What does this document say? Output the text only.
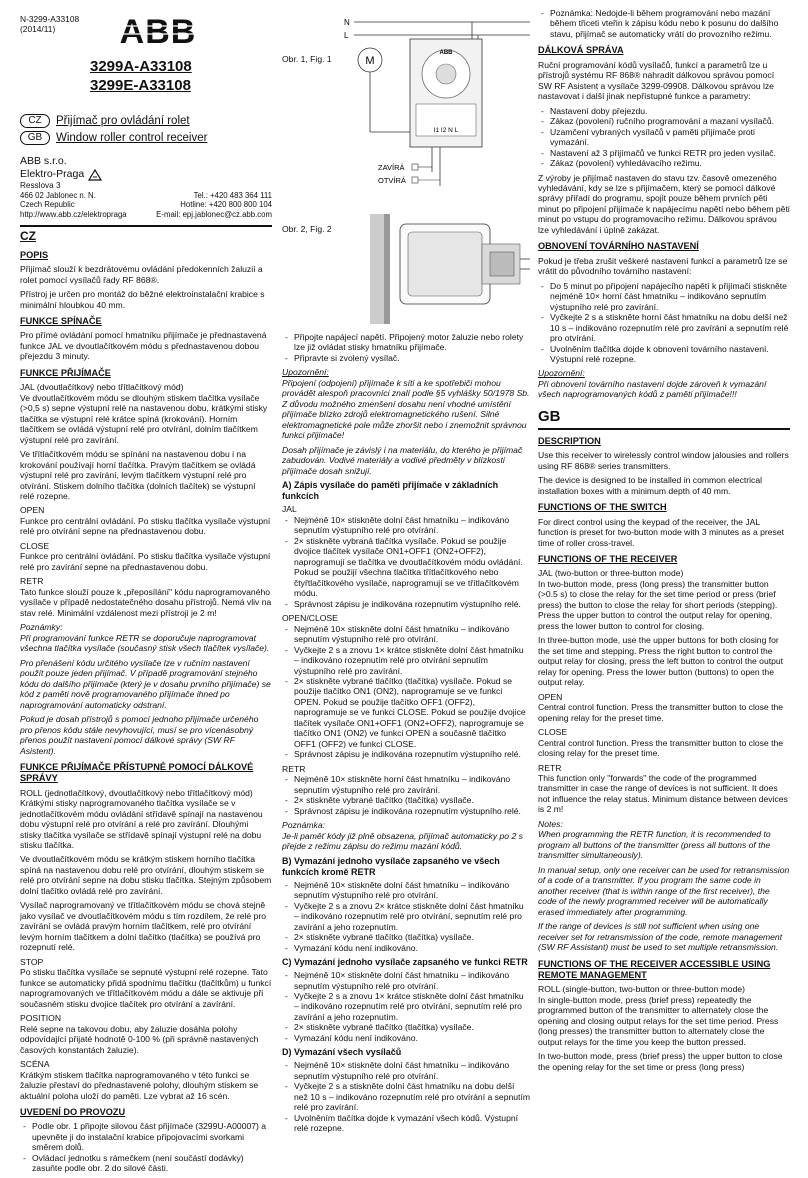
N-3299-A33108
(2014/11)	ABB
3299A-A33108
3299E-A33108
CZ	Přijímač pro ovládání rolet
GB	Window roller control receiver
ABB s.r.o.
Elektro-Praga
Resslova 3
466 02 Jablonec n. N.	Tel.: +420 483 364 111
Czech Republic	Hotline: +420 800 800 104
http://www.abb.cz/elektropraga	E-mail: epj.jablonec@cz.abb.com
CZ
POPIS

Přijímač slouží k bezdrátovému ovládání předokenních žaluzií a rolet pomocí vysílačů řady RF 868®.

Přístroj je určen pro montáž do běžné elektroinstalační krabice s minimální hloubkou 40 mm.

FUNKCE SPÍNAČE

Pro přímé ovládání pomocí hmatníku přijímače je přednastavená funkce JAL ve dvoutlačítkovém módu s přednastavenou dobou přejezdu 3 minuty.

FUNKCE PŘIJÍMAČE
JAL (dvoutlačítkový nebo třítlačítkový mód)

Ve dvoutlačítkovém módu se dlouhým stiskem tlačítka vysílače (>0,5 s) sepne výstupní relé na nastavenou dobu, krátkými stisky tlačítka se výstupní relé krátce spíná (krokování). Horním tlačítkem se ovládá výstupní relé pro otvírání, dolním tlačítkem výstupní relé pro zavírání.

Ve třítlačítkovém módu se spínání na nastavenou dobu i na krokování používají horní tlačítka. Pravým tlačítkem se ovládá výstupní relé pro zavírání, levým tlačítkem výstupní relé pro otvírání. Stiskem dolního tlačítka (dolních tlačítek) se výstupní relé rozepne.

OPEN

Funkce pro centrální ovládání. Po stisku tlačítka vysílače výstupní relé pro otvírání sepne na přednastavenou dobu.

CLOSE

Funkce pro centrální ovládání. Po stisku tlačítka vysílače výstupní relé pro zavírání sepne na přednastavenou dobu.

RETR

Tato funkce slouží pouze k „přeposílání" kódu naprogramovaného vysílače v případě nedostatečného dosahu přístrojů. Nemá vliv na stav relé. Minimální vzdálenost mezi přístroji je 2 m!

Poznámky:

Při programování funkce RETR se doporučuje naprogramovat všechna tlačítka vysílače (současný stisk všech tlačítek vysílače).

Pro přenášení kódu určitého vysílače lze v ručním nastavení použít pouze jeden přijímač. V případě programování stejného kódu do dalšího přijímače (který je v dosahu prvního přijímače) se kód z paměti nově programovaného přijímače ihned po naprogramování automaticky odstraní.

Pokud je dosah přístrojů s pomocí jednoho přijímače určeného pro přenos kódu stále nevyhovující, musí se pro vícenásobný přenos použít nastavení pomocí dálkové správy (SW RF Asistent).

FUNKCE PŘIJÍMAČE PŘÍSTUPNÉ POMOCÍ DÁLKOVÉ SPRÁVY
ROLL (jednotlačítkový, dvoutlačítkový nebo třítlačítkový mód)

Krátkými stisky naprogramovaného tlačítka vysílače se v jednotlačítkovém módu ovládání střídavě spínají na nastavenou dobu výstupní relé pro otvírání a relé pro zavírání. Dlouhými stisky tlačítka vysílače se střídavě spínají výstupní relé na dobu stisku tlačítka.

Ve dvoutlačítkovém módu se krátkým stiskem horního tlačítka spíná na nastavenou dobu relé pro otvírání, dlouhým stiskem se relé pro otvírání sepne na dobu stisku tlačítka. Stejným způsobem dolní tlačítko ovládá relé pro zavírání.

Vysílač naprogramovaný ve třítlačítkovém módu se chová stejně jako vysílač ve dvoutlačítkovém módu s tím rozdílem, že relé pro zavírání se ovládá pravým horním tlačítkem, relé pro otvírání levým horním tlačítkem a dolní tlačítko (tlačítka) se používá pro rozepnutí relé.

STOP

Po stisku tlačítka vysílače se sepnuté výstupní relé rozepne. Tato funkce se automaticky přidá spodnímu tlačítku (tlačítkům) u funkcí naprogramovaných ve třítlačítkovém módu a dále se aktivuje při současném stisku dvojice tlačítek pro otvírání a zavírání.

POSITION

Relé sepne na takovou dobu, aby žaluzie dosáhla polohy odpovídající přijaté hodnotě 0-100 % (při správně nastavených časových konstantách žaluzie).

SCÉNA

Krátkým stiskem tlačítka naprogramovaného v této funkci se žaluzie přestaví do přednastavené polohy, dlouhým stiskem se aktuální poloha uloží do paměti. Lze vybrat až 16 scén.

UVEDENÍ DO PROVOZU
- Podle obr. 1 připojte silovou část přijímače (3299U-A00007) a upevněte ji do instalační krabice připojovacími svorkami směrem dolů.
- Ovládací jednotku s rámečkem (není součástí dodávky) zasuňte podle obr. 2 do silové části.
Obr. 1, Fig. 1
N
L
M
ABB
I1 I2 N L
ZAVÍRÁ
OTVÍRÁ
Obr. 2, Fig. 2
- Připojte napájecí napětí. Připojený motor žaluzie nebo rolety lze již ovládat stisky hmatníku přijímače.
- Připravte si zvolený vysílač.
Upozornění:

Připojení (odpojení) přijímače k síti a ke spotřebiči mohou provádět alespoň pracovníci znalí podle §5 vyhlášky 50/1978 Sb. Z důvodu možného zmenšení dosahu není vhodné umístění přijímače blízko zdrojů elektromagnetického rušení. Silné elektromagnetické pole může zhoršit nebo i znemožnit správnou funkci přijímače!

Dosah přijímače je závislý i na materiálu, do kterého je přijímač zabudován. Vodivé materiály a vodivé předměty v blízkosti přijímače dosah snižují.

A) Zápis vysílače do paměti přijímače v základních funkcích
JAL
- Nejméně 10× stiskněte dolní část hmatníku – indikováno sepnutím výstupního relé pro otvírání.
- 2× stiskněte vybraná tlačítka vysílače. Pokud se použije dvojice tlačítek vysílače ON1+OFF1 (ON2+OFF2), naprogramují se tlačítka ve dvoutlačítkovém módu ovládání. Pokud se použijí všechna tlačítka třítlačítkového nebo čtyřtlačítkového vysílače, naprogramují se ve třítlačítkovém módu.
- Správnost zápisu je indikována rozepnutím výstupního relé.
OPEN/CLOSE
- Nejméně 10× stiskněte dolní část hmatníku – indikováno sepnutím výstupního relé pro otvírání.
- Vyčkejte 2 s a znovu 1× krátce stiskněte dolní část hmatníku – indikováno rozepnutím relé pro otvírání sepnutím výstupního relé pro zavírání.
- 2× stiskněte vybrané tlačítko (tlačítka) vysílače. Pokud se použije tlačítko ON1 (ON2), naprogramuje se ve funkci OPEN. Pokud se použije tlačítko OFF1 (OFF2), naprogramuje se ve funkci CLOSE. Pokud se použije dvojice tlačítek vysílače ON1+OFF1 (ON2+OFF2), naprogramuje se tlačítko ON1 (ON2) ve funkci OPEN a současně tlačítko OFF1 (OFF2) ve funkci CLOSE.
- Správnost zápisu je indikována rozepnutím výstupního relé.
RETR
- Nejméně 10× stiskněte horní část hmatníku – indikováno sepnutím výstupního relé pro zavírání.
- 2× stiskněte vybrané tlačítko (tlačítka) vysílače.
- Správnost zápisu je indikována rozepnutím výstupního relé.
Poznámka:

Je-li paměť kódy již plně obsazena, přijímač automaticky po 2 s přejde z režimu zápisu do režimu mazání kódů.

B) Vymazání jednoho vysílače zapsaného ve všech funkcích kromě RETR
- Nejméně 10× stiskněte dolní část hmatníku – indikováno sepnutím výstupního relé pro otvírání.
- Vyčkejte 2 s a znovu 2× krátce stiskněte dolní část hmatníku – indikováno rozepnutím relé pro otvírání, sepnutím relé pro zavírání a jeho rozepnutím.
- 2× stiskněte vybrané tlačítko (tlačítka) vysílače.
- Vymazání kódu není indikováno.
C) Vymazání jednoho vysílače zapsaného ve funkci RETR
- Nejméně 10× stiskněte dolní část hmatníku – indikováno sepnutím výstupního relé pro otvírání.
- Vyčkejte 2 s a znovu 1× krátce stiskněte dolní část hmatníku – indikováno rozepnutím relé pro otvírání, sepnutím relé pro zavírání a jeho rozepnutím.
- 2× stiskněte vybrané tlačítko (tlačítka) vysílače.
- Vymazání kódu není indikováno.
D) Vymazání všech vysílačů
- Nejméně 10× stiskněte dolní část hmatníku – indikováno sepnutím výstupního relé pro otvírání.
- Vyčkejte 2 s a stiskněte dolní část hmatníku na dobu delší než 10 s – indikováno rozepnutím relé pro otvírání a sepnutím relé pro zavírání.
- Uvolněním tlačítka dojde k vymazání všech kódů. Výstupní relé rozepne.
- Poznámka: Nedojde-li během programování nebo mazání během třiceti vteřin k zápisu kódu nebo k posunu do dalšího stavu, přijímač se automaticky vrátí do provozního režimu.
DÁLKOVÁ SPRÁVA

Ruční programování kódů vysílačů, funkcí a parametrů lze u přístrojů systému RF 868® nahradit dálkovou správou pomocí SW RF Asistent a vysílače 3299-09908. Dálkovou správou lze nastavovat i další jinak nepřístupné funkce a parametry:

- Nastavení doby přejezdu.
- Zákaz (povolení) ručního programování a mazaní vysílačů.
- Uzamčení vybraných vysílačů v paměti přijímače proti vymazání.
- Nastavení až 3 přijímačů ve funkci RETR pro jeden vysílač.
- Zákaz (povolení) vyhledávacího režimu.

Z výroby je přijímač nastaven do stavu tzv. časově omezeného vyhledávání, kdy se lze s přijímačem, který se pomocí dálkové správy přiřadí do programu, spojit pouze během prvních pěti minut po připojení přijímače k napájecímu napětí nebo během pěti minut po vstupu do programovacího režimu. Dálkovou správou lze vyhledávání i úplně zakázat.

OBNOVENÍ TOVÁRNÍHO NASTAVENÍ

Pokud je třeba zrušit veškeré nastavení funkcí a parametrů lze se vrátit do původního továrního nastavení:

- Do 5 minut po připojení napájecího napětí k přijímači stiskněte nejméně 10× horní část hmatníku – indikováno sepnutím výstupního relé pro zavírání.
- Vyčkejte 2 s a stiskněte horní část hmatníku na dobu delší než 10 s – indikováno rozepnutím relé pro zavírání a sepnutím relé pro otvírání.
- Uvolněním tlačítka dojde k obnovení továrního nastavení. Výstupní relé rozepne.
Upozornění:

Při obnovení továrního nastavení dojde zároveň k vymazání všech naprogramovaných kódů z paměti přijímače!!!

GB
DESCRIPTION

Use this receiver to wirelessly control window jalousies and rollers using RF 868® series transmitters.

The device is designed to be installed in common electrical installation boxes with a minimum depth of 40 mm.

FUNCTIONS OF THE SWITCH

For direct control using the keypad of the receiver, the JAL function is preset for two-button mode with 3 minutes as a preset time of roller cross-travel.

FUNCTIONS OF THE RECEIVER
JAL (two-button or three-button mode)

In two-button mode, press (long press) the transmitter button (>0.5 s) to close the relay for the set time period or press (brief press) the button to close the relay for short periods (stepping). Press the upper button to control the output relay for opening, press the lower button to control for closing.

In three-button mode, use the upper buttons for both closing for the set time and stepping. Press the right button to control the output relay for closing, press the left button to control the output relay for opening. Press the lower button (buttons) to open the output relay.

OPEN

Central control function. Press the transmitter button to close the opening relay for the preset time.

CLOSE

Central control function. Press the transmitter button to close the closing relay for the preset time.

RETR

This function only "forwards" the code of the programmed transmitter in case the range of devices is not sufficient. It does not influence the relay status. Minimum distance between devices is 2 m!

Notes:

When programming the RETR function, it is recommended to program all buttons of the transmitter (press all buttons of the transmitter simultaneously).

In manual setup, only one receiver can be used for retransmission of a code of a transmitter. If you program the same code in another receiver (that is within range of the first receiver), the code of the newly programmed receiver will be automatically erased immediately after programming.

If the range of devices is still not sufficient when using one receiver set for retransmission of the code, remote management (SW RF Assistant) must be used to set multiple retransmission.

FUNCTIONS OF THE RECEIVER ACCESSIBLE USING REMOTE MANAGEMENT
ROLL (single-button, two-button or three-button mode)

In single-button mode, press (brief press) repeatedly the programmed button of the transmitter to alternately close the opening and closing output relays for the set time period. Press (long presses) the transmitter button to alternately close the output relays for the time you keep the button pressed.

In two-button mode, press (brief press) the upper button to close the opening relay for the set time or press (long press)
